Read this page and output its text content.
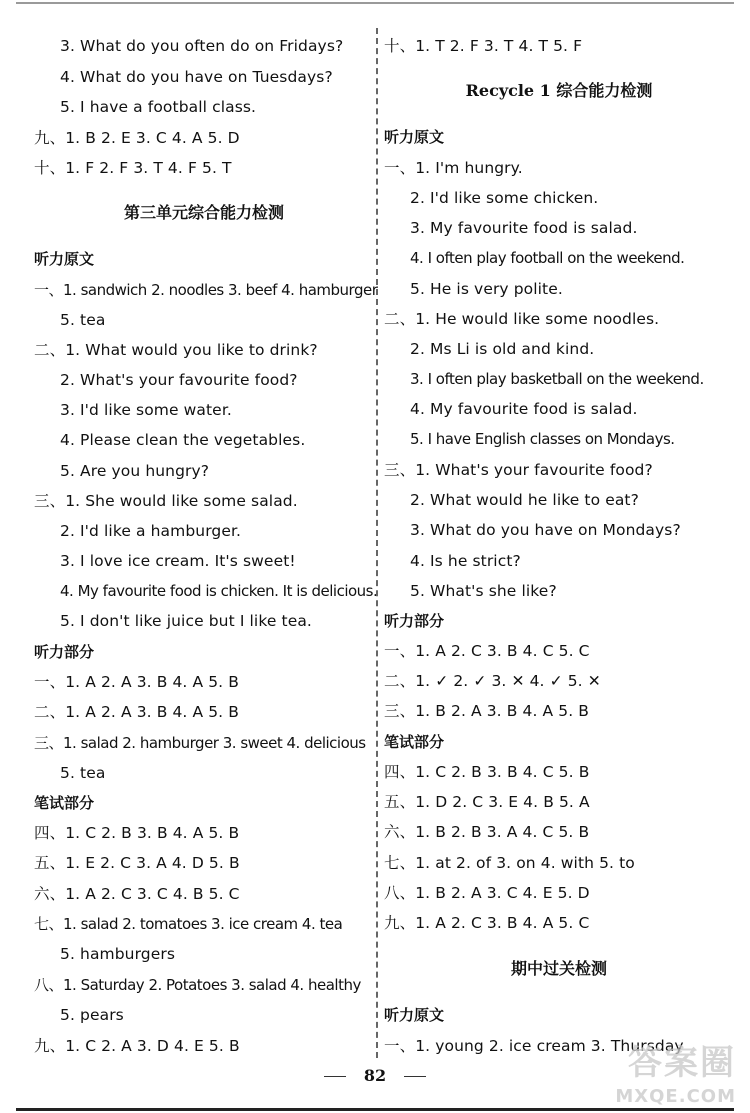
3. What do you often do on Fridays?
4. What do you have on Tuesdays?
5. I have a football class.
九、1. B 2. E 3. C 4. A 5. D
十、1. F 2. F 3. T 4. F 5. T
第三单元综合能力检测
听力原文
一、1. sandwich 2. noodles 3. beef 4. hamburger
5. tea
二、1. What would you like to drink?
2. What's your favourite food?
3. I'd like some water.
4. Please clean the vegetables.
5. Are you hungry?
三、1. She would like some salad.
2. I'd like a hamburger.
3. I love ice cream. It's sweet!
4. My favourite food is chicken. It is delicious.
5. I don't like juice but I like tea.
听力部分
一、1. A 2. A 3. B 4. A 5. B
二、1. A 2. A 3. B 4. A 5. B
三、1. salad 2. hamburger 3. sweet 4. delicious
5. tea
笔试部分
四、1. C 2. B 3. B 4. A 5. B
五、1. E 2. C 3. A 4. D 5. B
六、1. A 2. C 3. C 4. B 5. C
七、1. salad 2. tomatoes 3. ice cream 4. tea
5. hamburgers
八、1. Saturday 2. Potatoes 3. salad 4. healthy
5. pears
九、1. C 2. A 3. D 4. E 5. B
十、1. T 2. F 3. T 4. T 5. F
Recycle 1 综合能力检测
听力原文
一、1. I'm hungry.
2. I'd like some chicken.
3. My favourite food is salad.
4. I often play football on the weekend.
5. He is very polite.
二、1. He would like some noodles.
2. Ms Li is old and kind.
3. I often play basketball on the weekend.
4. My favourite food is salad.
5. I have English classes on Mondays.
三、1. What's your favourite food?
2. What would he like to eat?
3. What do you have on Mondays?
4. Is he strict?
5. What's she like?
听力部分
一、1. A 2. C 3. B 4. C 5. C
二、1. ✓ 2. ✓ 3. ✕ 4. ✓ 5. ✕
三、1. B 2. A 3. B 4. A 5. B
笔试部分
四、1. C 2. B 3. B 4. C 5. B
五、1. D 2. C 3. E 4. B 5. A
六、1. B 2. B 3. A 4. C 5. B
七、1. at 2. of 3. on 4. with 5. to
八、1. B 2. A 3. C 4. E 5. D
九、1. A 2. C 3. B 4. A 5. C
期中过关检测
听力原文
一、1. young 2. ice cream 3. Thursday
82	答案圈
MXQE.COM
